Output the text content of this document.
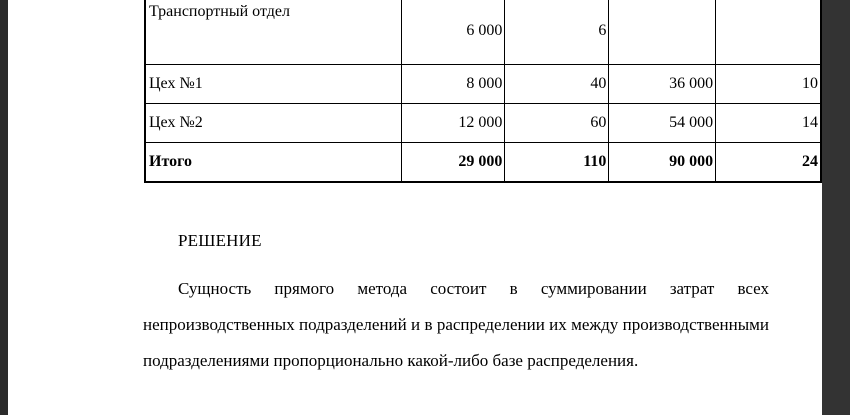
Транспортный отдел	6 000	6		
Цех №1	8 000	40	36 000	10
Цех №2	12 000	60	54 000	14
Итого	29 000	110	90 000	24
РЕШЕНИЕ
Сущность прямого метода состоит в суммировании затрат всех непроизводственных подразделений и в распределении их между производственными подразделениями пропорционально какой-либо базе распределения.
